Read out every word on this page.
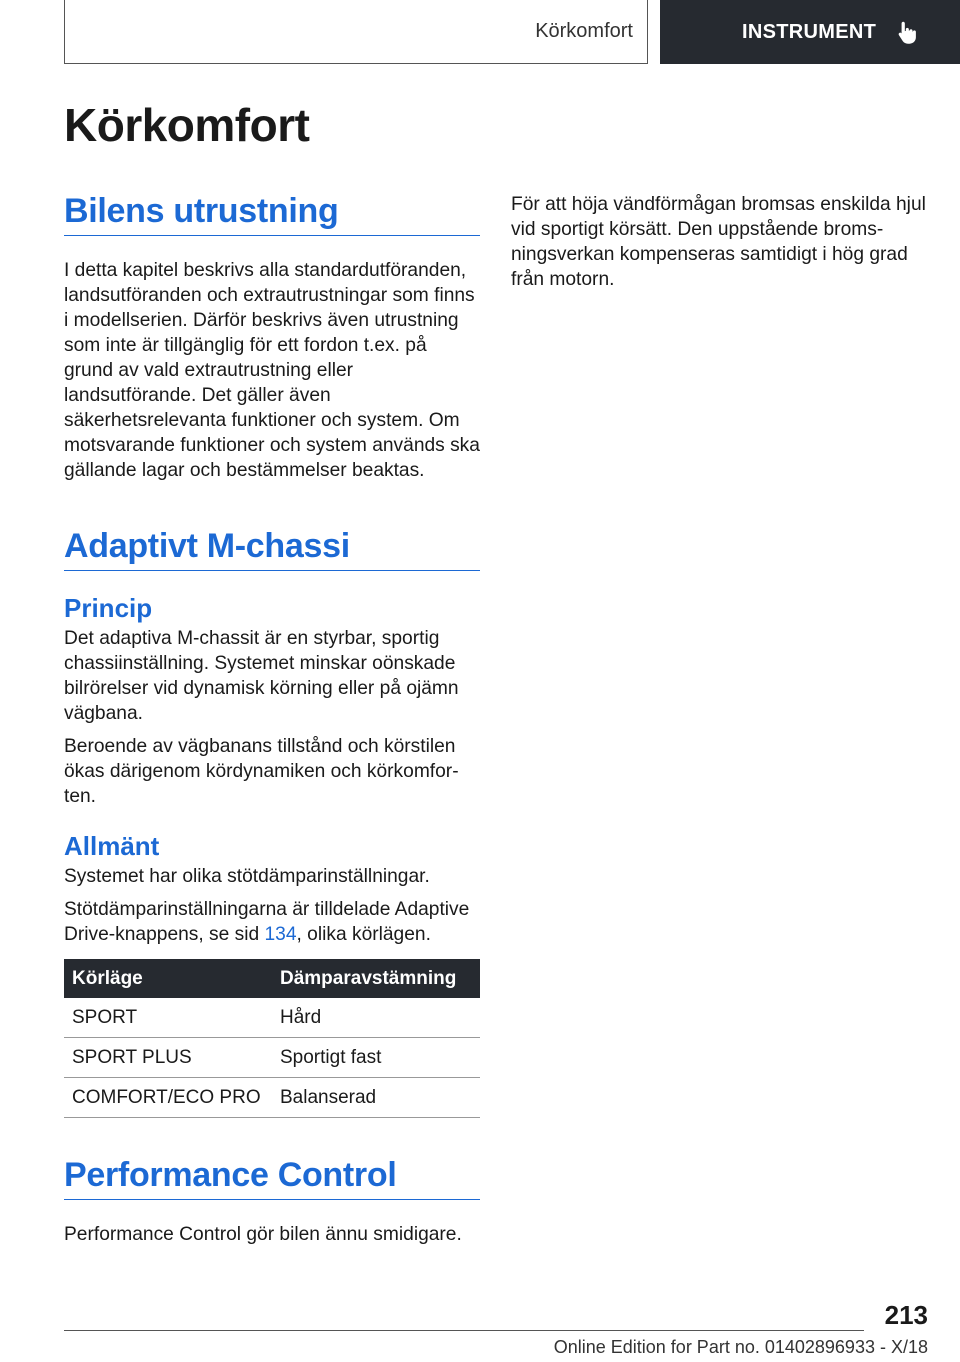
Körkomfort	INSTRUMENT
Körkomfort
Bilens utrustning

I detta kapitel beskrivs alla standardutföranden, landsutföranden och extrautrustningar som finns i modellserien. Därför beskrivs även utrustning som inte är tillgänglig för ett fordon t.ex. på grund av vald extrautrustning eller landsutförande. Det gäller även säkerhetsrelevanta funktioner och system. Om motsvarande funktioner och system används ska gällande lagar och bestämmelser beaktas.

Adaptivt M-chassi
Princip

Det adaptiva M-chassit är en styrbar, sportig chassiinställning. Systemet minskar oönskade bilrörelser vid dynamisk körning eller på ojämn vägbana.

Beroende av vägbanans tillstånd och körstilen ökas därigenom kördynamiken och körkomforten.

Allmänt

Systemet har olika stötdämparinställningar.

Stötdämparinställningarna är tilldelade Adaptive Drive-knappens, se sid 134, olika körlägen.

Körläge	Dämparavstämning
SPORT	Hård
SPORT PLUS	Sportigt fast
COMFORT/ECO PRO	Balanserad
Performance Control

Performance Control gör bilen ännu smidigare.

För att höja vändförmågan bromsas enskilda hjul vid sportigt körsätt. Den uppstående bromsningsverkan kompenseras samtidigt i hög grad från motorn.

213
Online Edition for Part no. 01402896933 - X/18
